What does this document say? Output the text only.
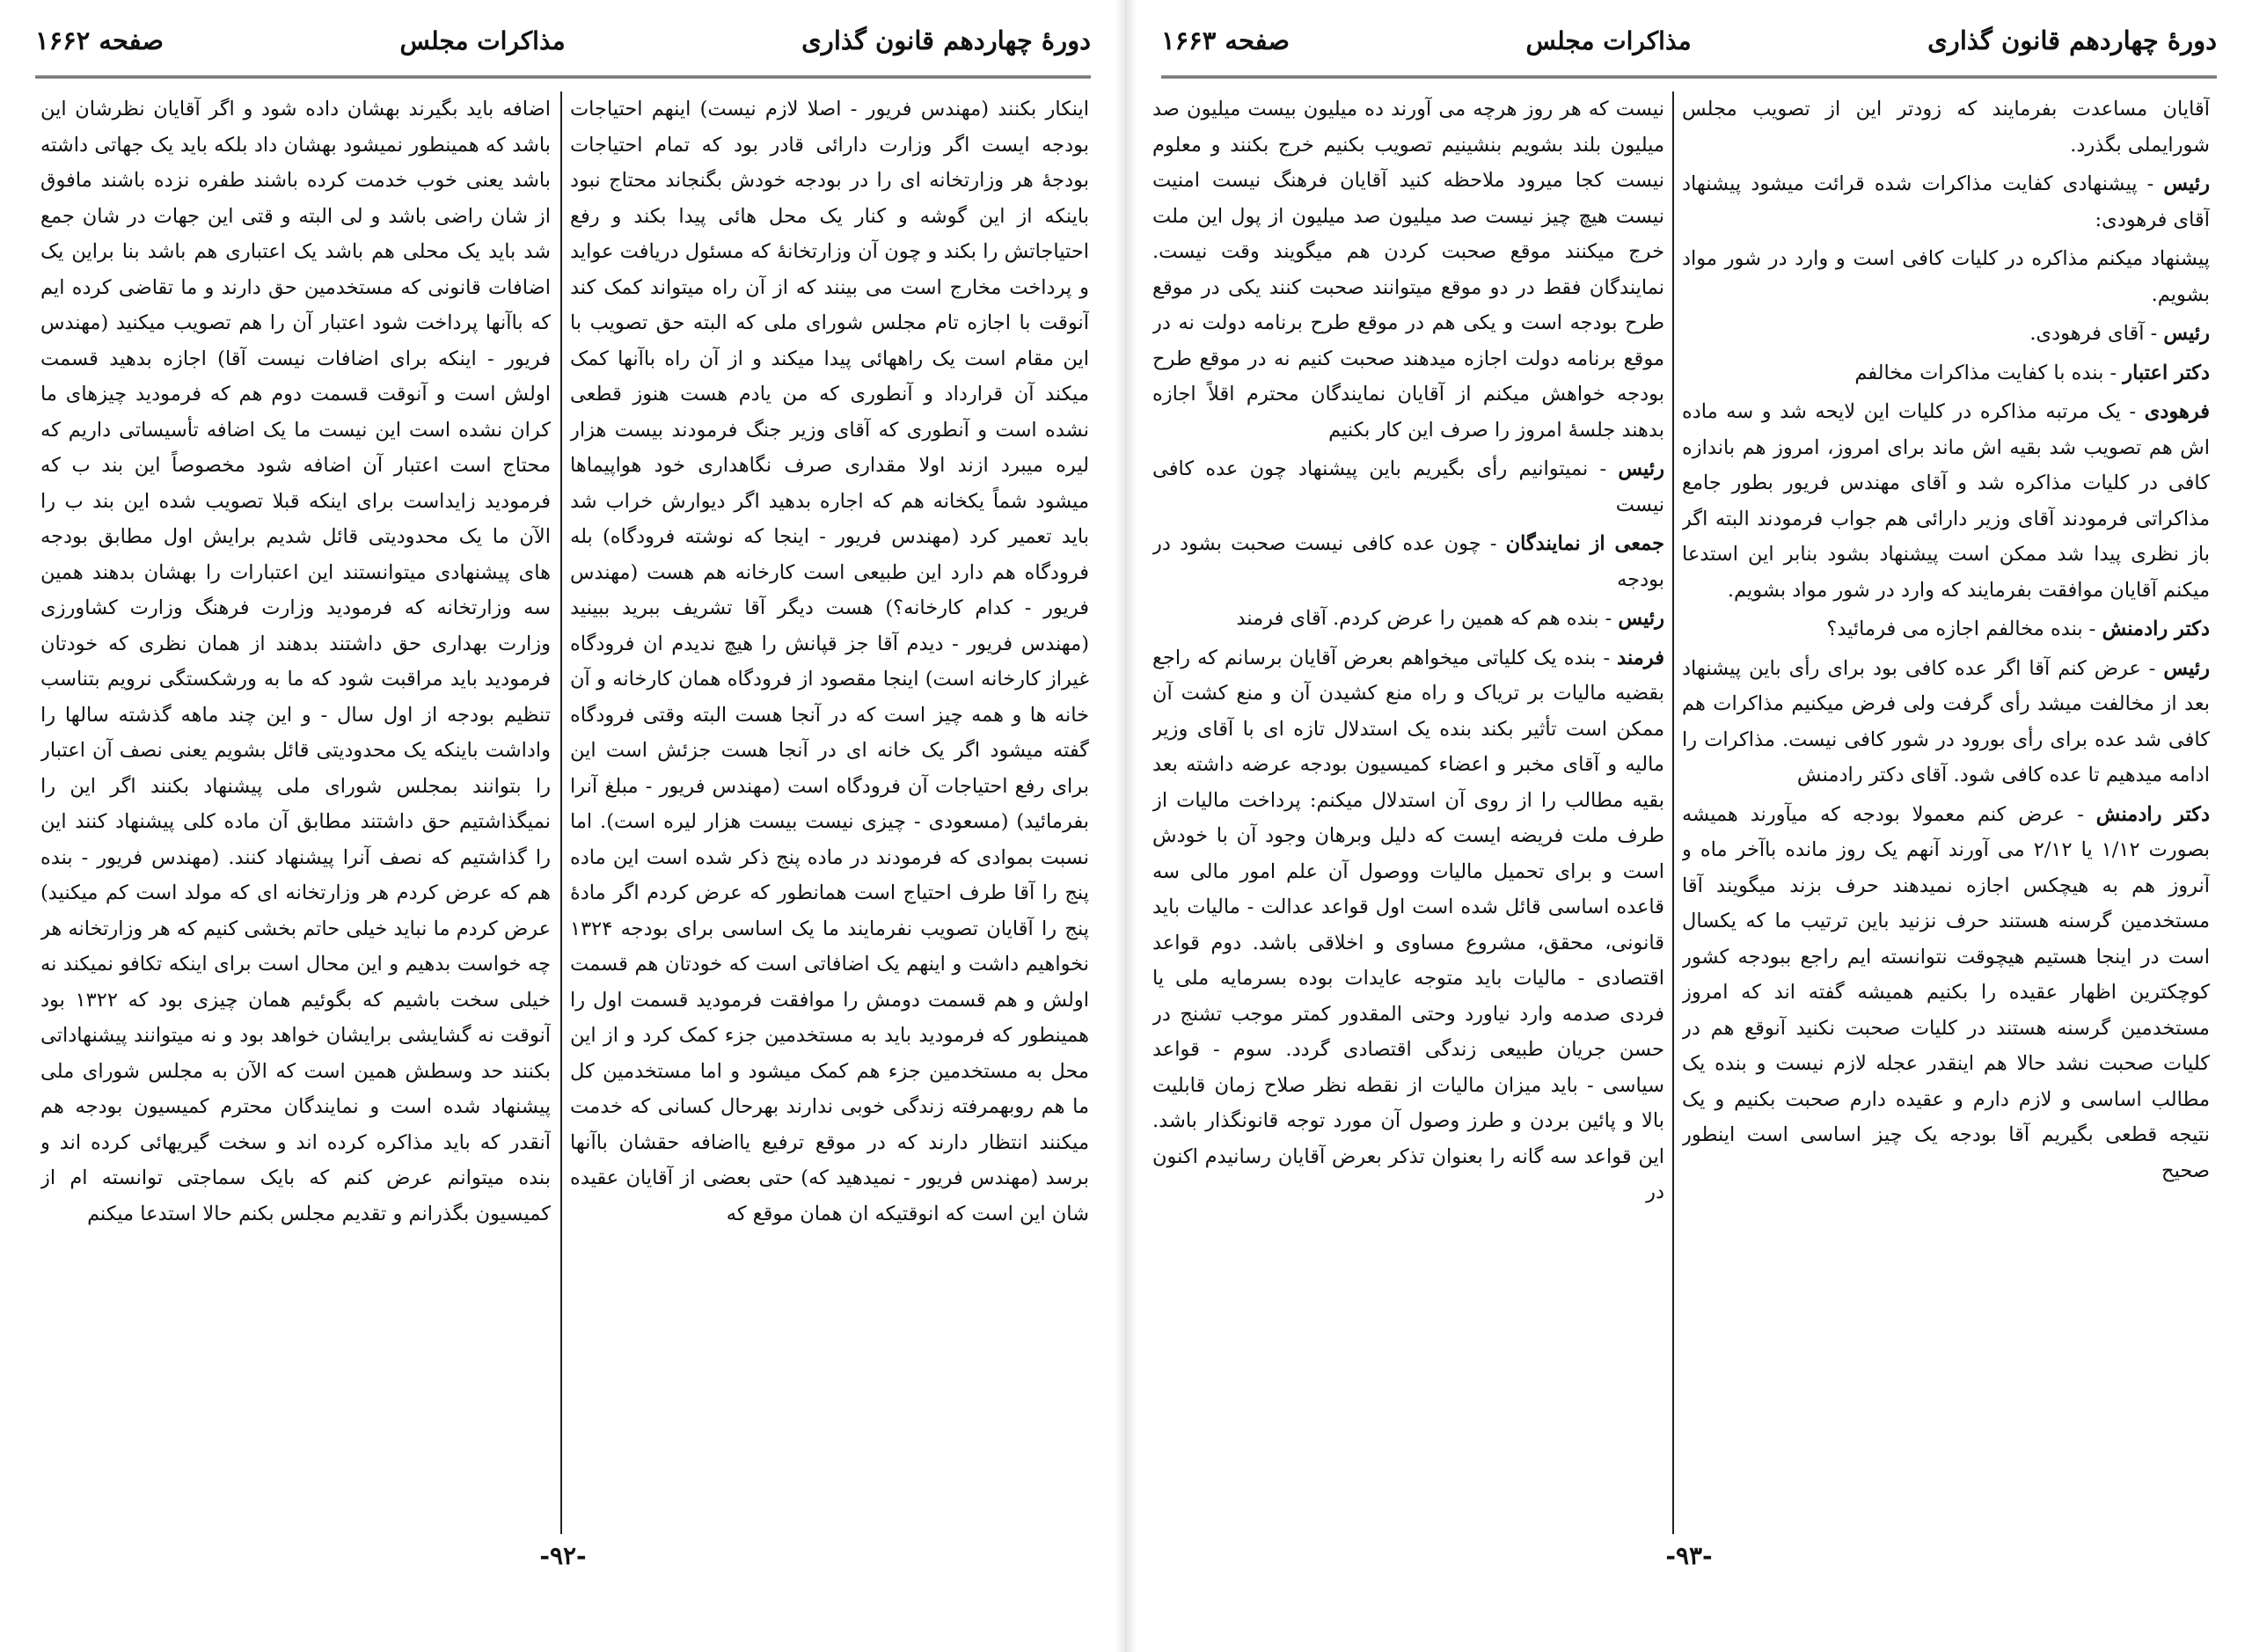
دورهٔ چهاردهم قانون گذاری
مذاکرات مجلس
صفحه ۱۶۶۲

اینکار بکنند (مهندس فریور - اصلا لازم نیست) اینهم احتیاجات بودجه ایست اگر وزارت دارائی قادر بود که تمام احتیاجات بودجهٔ هر وزارتخانه ای را در بودجه خودش بگنجاند محتاج نبود باینکه از این گوشه و کنار یک محل هائی پیدا بکند و رفع احتیاجاتش را بکند و چون آن وزارتخانهٔ که مسئول دریافت عواید و پرداخت مخارج است می بینند که از آن راه میتواند کمک کند آنوقت با اجازه تام مجلس شورای ملی که البته حق تصویب با این مقام است یک راههائی پیدا میکند و از آن راه باآنها کمک میکند آن قرارداد و آنطوری که من یادم هست هنوز قطعی نشده است و آنطوری که آقای وزیر جنگ فرمودند بیست هزار لیره میبرد ازند اولا مقداری صرف نگاهداری خود هواپیماها میشود شماً یکخانه هم که اجاره بدهید اگر دیوارش خراب شد باید تعمیر کرد (مهندس فریور - اینجا که نوشته فرودگاه) بله فرودگاه هم دارد این طبیعی است کارخانه هم هست (مهندس فریور - کدام کارخانه؟) هست دیگر آقا تشریف ببرید ببینید (مهندس فریور - دیدم آقا جز قپانش را هیچ ندیدم ان فرودگاه غیراز کارخانه است) اینجا مقصود از فرودگاه همان کارخانه و آن خانه ها و همه چیز است که در آنجا هست البته وقتی فرودگاه گفته میشود اگر یک خانه ای در آنجا هست جزئش است این برای رفع احتیاجات آن فرودگاه است (مهندس فریور - مبلغ آنرا بفرمائید) (مسعودی - چیزی نیست بیست هزار لیره است). اما نسبت بموادی که فرمودند در ماده پنج ذکر شده است این ماده پنج را آقا طرف احتیاج است همانطور که عرض کردم اگر مادهٔ پنج را آقایان تصویب نفرمایند ما یک اساسی برای بودجه ۱۳۲۴ نخواهیم داشت و اینهم یک اضافاتی است که خودتان هم قسمت اولش و هم قسمت دومش را موافقت فرمودید قسمت اول را همینطور که فرمودید باید به مستخدمین جزء کمک کرد و از این محل به مستخدمین جزء هم کمک میشود و اما مستخدمین کل ما هم روبهمرفته زندگی خوبی ندارند بهرحال کسانی که خدمت میکنند انتظار دارند که در موقع ترفیع یااضافه حقشان باآنها برسد (مهندس فریور - نمیدهید که) حتی بعضی از آقایان عقیده شان این است که انوقتیکه ان همان موقع که

اضافه باید بگیرند بهشان داده شود و اگر آقایان نظرشان این باشد که همینطور نمیشود بهشان داد بلکه باید یک جهاتی داشته باشد یعنی خوب خدمت کرده باشند طفره نزده باشند مافوق از شان راضی باشد و لی البته و قتی این جهات در شان جمع شد باید یک محلی هم باشد یک اعتباری هم باشد بنا براین یک اضافات قانونی که مستخدمین حق دارند و ما تقاضی کرده ایم که باآنها پرداخت شود اعتبار آن را هم تصویب میکنید (مهندس فریور - اینکه برای اضافات نیست آقا) اجازه بدهید قسمت اولش است و آنوقت قسمت دوم هم که فرمودید چیزهای ما کران نشده است این نیست ما یک اضافه تأسیساتی داریم که محتاج است اعتبار آن اضافه شود مخصوصاً این بند ب که فرمودید زایداست برای اینکه قبلا تصویب شده این بند ب را الآن ما یک محدودیتی قائل شدیم برایش اول مطابق بودجه های پیشنهادی میتوانستند این اعتبارات را بهشان بدهند همین سه وزارتخانه که فرمودید وزارت فرهنگ وزارت کشاورزی وزارت بهداری حق داشتند بدهند از همان نظری که خودتان فرمودید باید مراقبت شود که ما به ورشکستگی نرویم بتناسب تنظیم بودجه از اول سال - و این چند ماهه گذشته سالها را واداشت باینکه یک محدودیتی قائل بشویم یعنی نصف آن اعتبار را بتوانند بمجلس شورای ملی پیشنهاد بکنند اگر این را نمیگذاشتیم حق داشتند مطابق آن ماده کلی پیشنهاد کنند این را گذاشتیم که نصف آنرا پیشنهاد کنند. (مهندس فریور - بنده هم که عرض کردم هر وزارتخانه ای که مولد است کم میکنید) عرض کردم ما نباید خیلی حاتم بخشی کنیم که هر وزارتخانه هر چه خواست بدهیم و این محال است برای اینکه تکافو نمیکند نه خیلی سخت باشیم که بگوئیم همان چیزی بود که ۱۳۲۲ بود آنوقت نه گشایشی برایشان خواهد بود و نه میتوانند پیشنهاداتی بکنند حد وسطش همین است که الآن به مجلس شورای ملی پیشنهاد شده است و نمایندگان محترم کمیسیون بودجه هم آنقدر که باید مذاکره کرده اند و سخت گیریهائی کرده اند و بنده میتوانم عرض کنم که بایک سماجتی توانسته ام از کمیسیون بگذرانم و تقدیم مجلس بکنم حالا استدعا میکنم

-۹۲-
دورهٔ چهاردهم قانون گذاری
مذاکرات مجلس
صفحه ۱۶۶۳

آقایان مساعدت بفرمایند که زودتر این از تصویب مجلس شورایملی بگذرد.

رئیس - پیشنهادی کفایت مذاکرات شده قرائت میشود پیشنهاد آقای فرهودی:

پیشنهاد میکنم مذاکره در کلیات کافی است و وارد در شور مواد بشویم.

رئیس - آقای فرهودی.

دکتر اعتبار - بنده با کفایت مذاکرات مخالفم

فرهودی - یک مرتبه مذاکره در کلیات این لایحه شد و سه ماده اش هم تصویب شد بقیه اش ماند برای امروز، امروز هم باندازه کافی در کلیات مذاکره شد و آقای مهندس فریور بطور جامع مذاکراتی فرمودند آقای وزیر دارائی هم جواب فرمودند البته اگر باز نظری پیدا شد ممکن است پیشنهاد بشود بنابر این استدعا میکنم آقایان موافقت بفرمایند که وارد در شور مواد بشویم.

دکتر رادمنش - بنده مخالفم اجازه می فرمائید؟

رئیس - عرض کنم آقا اگر عده کافی بود برای رأی باین پیشنهاد بعد از مخالفت میشد رأی گرفت ولی فرض میکنیم مذاکرات هم کافی شد عده برای رأی بورود در شور کافی نیست. مذاکرات را ادامه میدهیم تا عده کافی شود. آقای دکتر رادمنش

دکتر رادمنش - عرض کنم معمولا بودجه که میآورند همیشه بصورت ۱/۱۲ یا ۲/۱۲ می آورند آنهم یک روز مانده باآخر ماه و آنروز هم به هیچکس اجازه نمیدهند حرف بزند میگویند آقا مستخدمین گرسنه هستند حرف نزنید باین ترتیب ما که یکسال است در اینجا هستیم هیچوقت نتوانسته ایم راجع ببودجه کشور کوچکترین اظهار عقیده را بکنیم همیشه گفته اند که امروز مستخدمین گرسنه هستند در کلیات صحبت نکنید آنوقع هم در کلیات صحبت نشد حالا هم اینقدر عجله لازم نیست و بنده یک مطالب اساسی و لازم دارم و عقیده دارم صحبت بکنیم و یک نتیجه قطعی بگیریم آقا بودجه یک چیز اساسی است اینطور صحیح

نیست که هر روز هرچه می آورند ده میلیون بیست میلیون صد میلیون بلند بشویم بنشینیم تصویب بکنیم خرج بکنند و معلوم نیست کجا میرود ملاحظه کنید آقایان فرهنگ نیست امنیت نیست هیچ چیز نیست صد میلیون صد میلیون از پول این ملت خرج میکنند موقع صحبت کردن هم میگویند وقت نیست. نمایندگان فقط در دو موقع میتوانند صحبت کنند یکی در موقع طرح بودجه است و یکی هم در موقع طرح برنامه دولت نه در موقع برنامه دولت اجازه میدهند صحبت کنیم نه در موقع طرح بودجه خواهش میکنم از آقایان نمایندگان محترم اقلاً اجازه بدهند جلسهٔ امروز را صرف این کار بکنیم

رئیس - نمیتوانیم رأی بگیریم باین پیشنهاد چون عده کافی نیست

جمعی از نمایندگان - چون عده کافی نیست صحبت بشود در بودجه

رئیس - بنده هم که همین را عرض کردم. آقای فرمند

فرمند - بنده یک کلیاتی میخواهم بعرض آقایان برسانم که راجع بقضیه مالیات بر تریاک و راه منع کشیدن آن و منع کشت آن ممکن است تأثیر بکند بنده یک استدلال تازه ای با آقای وزیر مالیه و آقای مخبر و اعضاء کمیسیون بودجه عرضه داشته بعد بقیه مطالب را از روی آن استدلال میکنم: پرداخت مالیات از طرف ملت فریضه ایست که دلیل وبرهان وجود آن با خودش است و برای تحمیل مالیات ووصول آن علم امور مالی سه قاعده اساسی قائل شده است اول قواعد عدالت - مالیات باید قانونی، محقق، مشروع مساوی و اخلاقی باشد. دوم قواعد اقتصادی - مالیات باید متوجه عایدات بوده بسرمایه ملی یا فردی صدمه وارد نیاورد وحتی المقدور کمتر موجب تشنج در حسن جریان طبیعی زندگی اقتصادی گردد. سوم - قواعد سیاسی - باید میزان مالیات از نقطه نظر صلاح زمان قابلیت بالا و پائین بردن و طرز وصول آن مورد توجه قانونگذار باشد. این قواعد سه گانه را بعنوان تذکر بعرض آقایان رسانیدم اکنون در

-۹۳-
